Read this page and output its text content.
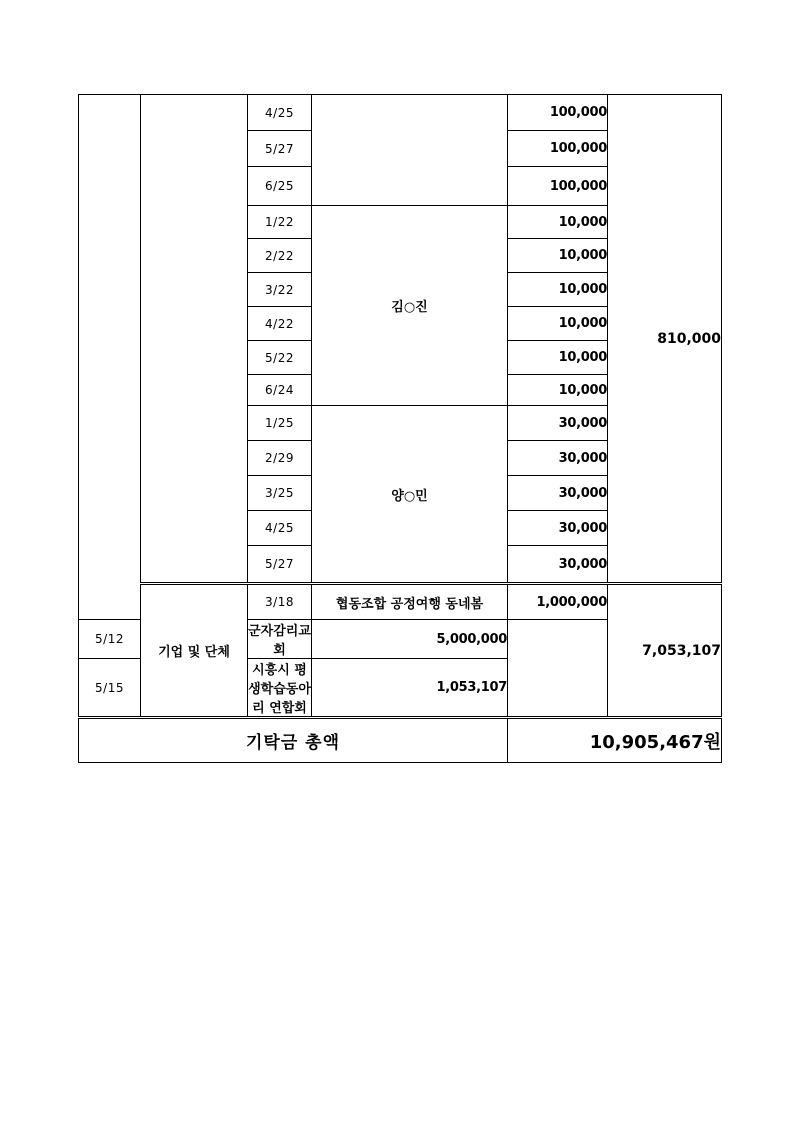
		4/25		100,000	810,000
		5/27		100,000	
		6/25		100,000	
		1/22	김○진	10,000	
		2/22		10,000	
		3/22		10,000	
		4/22		10,000	
		5/22		10,000	
		6/24		10,000	
		1/25	양○민	30,000	
		2/29		30,000	
		3/25		30,000	
		4/25		30,000	
		5/27		30,000	
	기업 및 단체	3/18	협동조합 공정여행 동네봄	1,000,000	7,053,107
5/12		군자감리교회	5,000,000		
5/15		시흥시 평생학습동아리 연합회	1,053,107		
기탁금 총액				10,905,467원	
